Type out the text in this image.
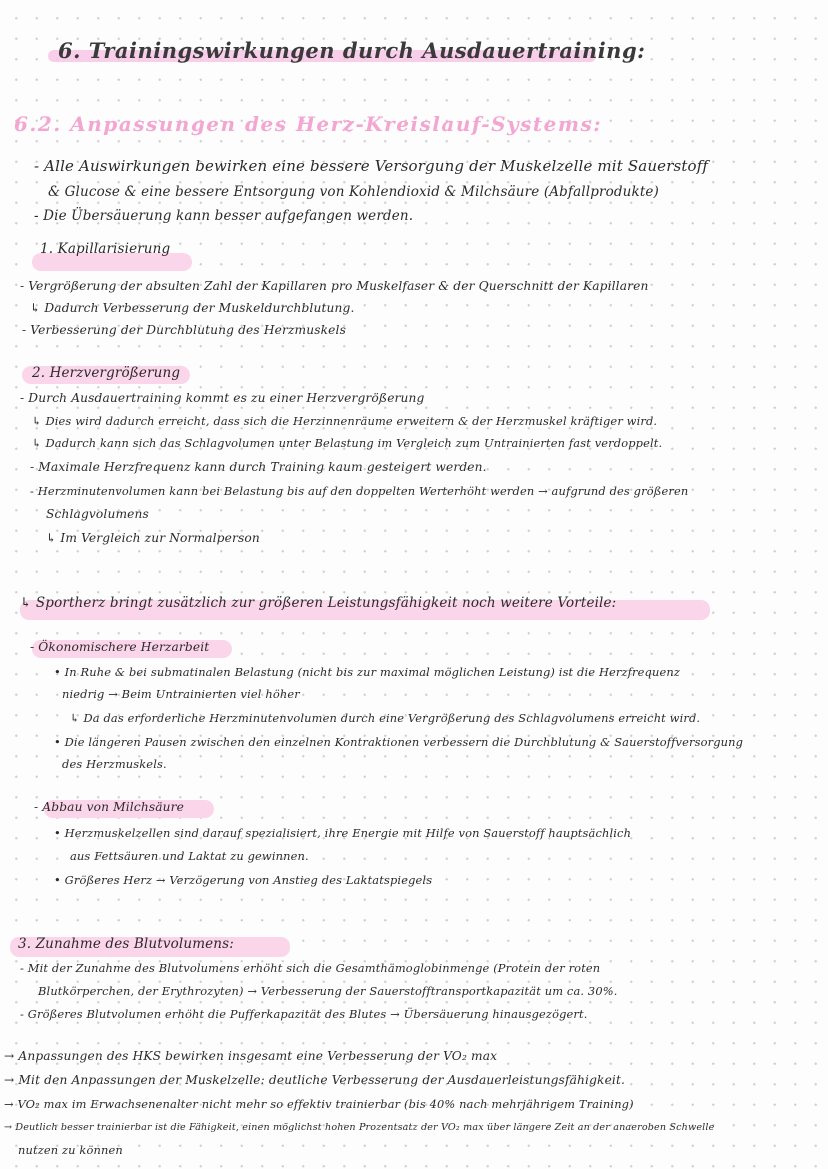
6. Trainingswirkungen durch Ausdauertraining:
6.2. Anpassungen des Herz-Kreislauf-Systems:
- Alle Auswirkungen bewirken eine bessere Versorgung der Muskelzelle mit Sauerstoff
& Glucose & eine bessere Entsorgung von Kohlendioxid & Milchsäure (Abfallprodukte)
- Die Übersäuerung kann besser aufgefangen werden.
1. Kapillarisierung
- Vergrößerung der absulten Zahl der Kapillaren pro Muskelfaser & der Querschnitt der Kapillaren
↳ Dadurch Verbesserung der Muskeldurchblutung.
- Verbesserung der Durchblutung des Herzmuskels
2. Herzvergrößerung
- Durch Ausdauertraining kommt es zu einer Herzvergrößerung
↳ Dies wird dadurch erreicht, dass sich die Herzinnenräume erweitern & der Herzmuskel kräftiger wird.
↳ Dadurch kann sich das Schlagvolumen unter Belastung im Vergleich zum Untrainierten fast verdoppelt.
- Maximale Herzfrequenz kann durch Training kaum gesteigert werden.
- Herzminutenvolumen kann bei Belastung bis auf den doppelten Werterhöht werden → aufgrund des größeren
Schlagvolumens
↳ Im Vergleich zur Normalperson
↳ Sportherz bringt zusätzlich zur größeren Leistungsfähigkeit noch weitere Vorteile:
- Ökonomischere Herzarbeit
• In Ruhe & bei submatinalen Belastung (nicht bis zur maximal möglichen Leistung) ist die Herzfrequenz
niedrig → Beim Untrainierten viel höher
↳ Da das erforderliche Herzminutenvolumen durch eine Vergrößerung des Schlagvolumens erreicht wird.
• Die längeren Pausen zwischen den einzelnen Kontraktionen verbessern die Durchblutung & Sauerstoffversorgung
des Herzmuskels.
- Abbau von Milchsäure
• Herzmuskelzellen sind darauf spezialisiert, ihre Energie mit Hilfe von Sauerstoff hauptsächlich
aus Fettsäuren und Laktat zu gewinnen.
• Größeres Herz → Verzögerung von Anstieg des Laktatspiegels
3. Zunahme des Blutvolumens:
- Mit der Zunahme des Blutvolumens erhöht sich die Gesamthämoglobinmenge (Protein der roten
Blutkörperchen, der Erythrozyten) → Verbesserung der Sauerstofftransportkapazität um ca. 30%.
- Größeres Blutvolumen erhöht die Pufferkapazität des Blutes → Übersäuerung hinausgezögert.
→ Anpassungen des HKS bewirken insgesamt eine Verbesserung der VO₂ max
→ Mit den Anpassungen der Muskelzelle: deutliche Verbesserung der Ausdauerleistungsfähigkeit.
→ VO₂ max im Erwachsenenalter nicht mehr so effektiv trainierbar (bis 40% nach mehrjährigem Training)
→ Deutlich besser trainierbar ist die Fähigkeit, einen möglichst hohen Prozentsatz der VO₂ max über längere Zeit an der anaeroben Schwelle
nutzen zu können
